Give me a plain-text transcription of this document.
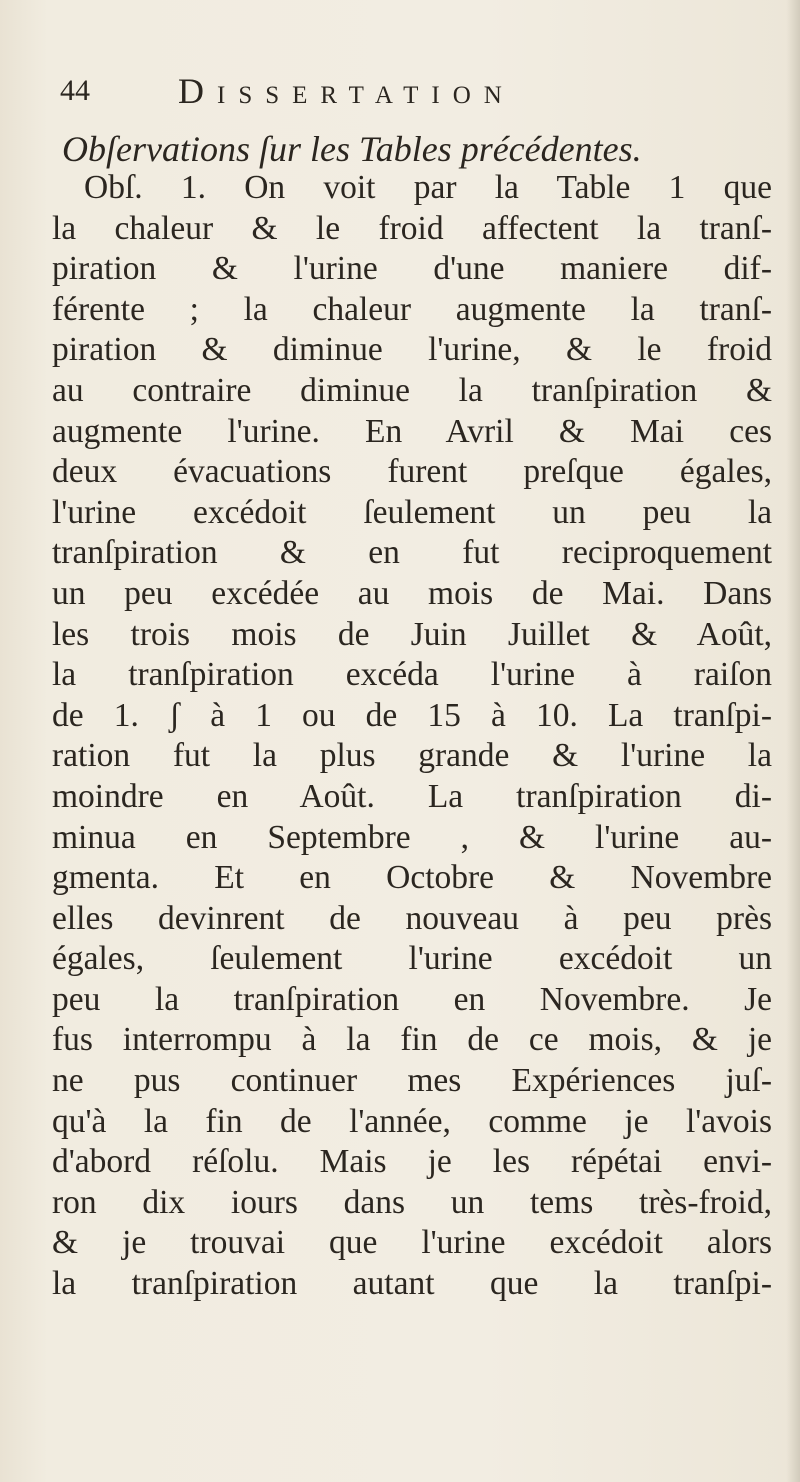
44 Dissertation
Obſervations ſur les Tables précédentes.
Obſ. 1. On voit par la Table 1 que
la chaleur & le froid affectent la tranſ-
piration & l'urine d'une maniere dif-
férente ; la chaleur augmente la tranſ-
piration & diminue l'urine, & le froid
au contraire diminue la tranſpiration &
augmente l'urine. En Avril & Mai ces
deux évacuations furent preſque égales,
l'urine excédoit ſeulement un peu la
tranſpiration & en fut reciproquement
un peu excédée au mois de Mai. Dans
les trois mois de Juin Juillet & Août,
la tranſpiration excéda l'urine à raiſon
de 1. ʃ à 1 ou de 15 à 10. La tranſpi-
ration fut la plus grande & l'urine la
moindre en Août. La tranſpiration di-
minua en Septembre , & l'urine au-
gmenta. Et en Octobre & Novembre
elles devinrent de nouveau à peu près
égales, ſeulement l'urine excédoit un
peu la tranſpiration en Novembre. Je
fus interrompu à la fin de ce mois, & je
ne pus continuer mes Expériences juſ-
qu'à la fin de l'année, comme je l'avois
d'abord réſolu. Mais je les répétai envi-
ron dix iours dans un tems très-froid,
& je trouvai que l'urine excédoit alors
la tranſpiration autant que la tranſpi-
